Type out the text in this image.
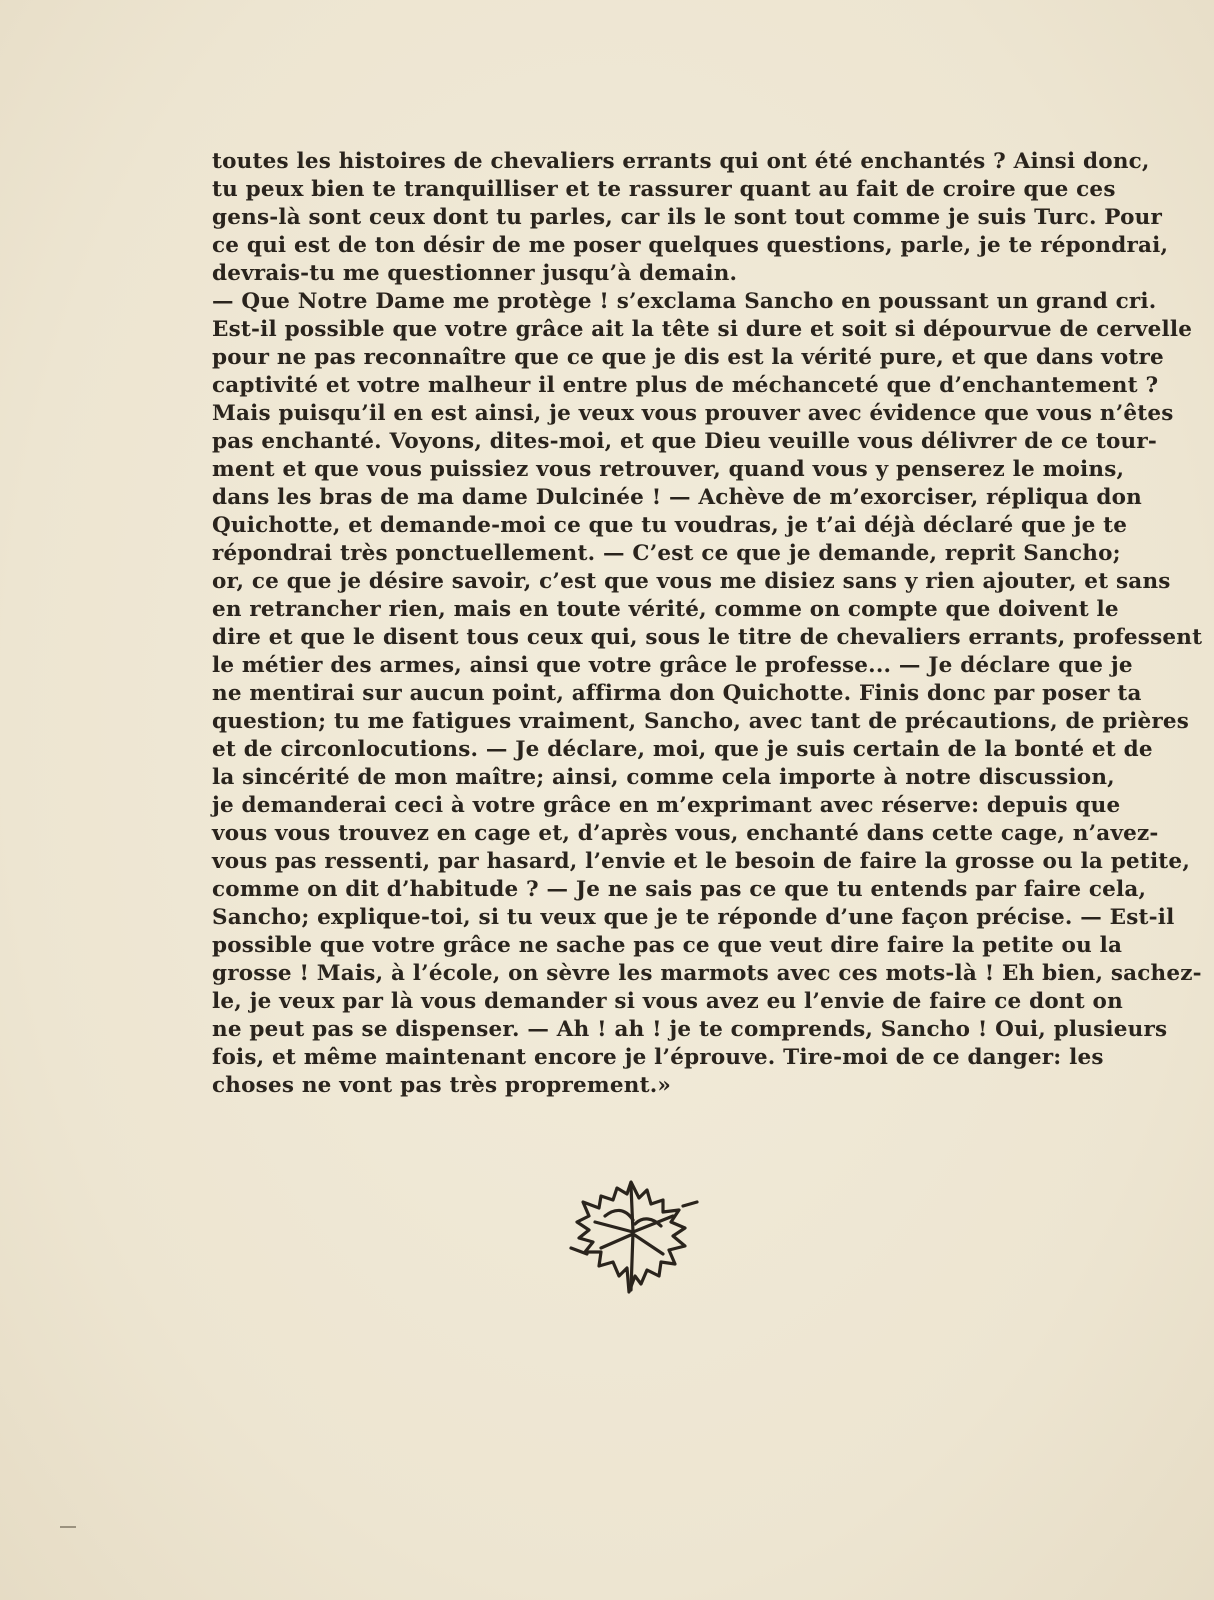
toutes les histoires de chevaliers errants qui ont été enchantés ? Ainsi donc,
tu peux bien te tranquilliser et te rassurer quant au fait de croire que ces
gens-là sont ceux dont tu parles, car ils le sont tout comme je suis Turc. Pour
ce qui est de ton désir de me poser quelques questions, parle, je te répondrai,
devrais-tu me questionner jusqu’à demain.
— Que Notre Dame me protège ! s’exclama Sancho en poussant un grand cri.
Est-il possible que votre grâce ait la tête si dure et soit si dépourvue de cervelle
pour ne pas reconnaître que ce que je dis est la vérité pure, et que dans votre
captivité et votre malheur il entre plus de méchanceté que d’enchantement ?
Mais puisqu’il en est ainsi, je veux vous prouver avec évidence que vous n’êtes
pas enchanté. Voyons, dites-moi, et que Dieu veuille vous délivrer de ce tour-
ment et que vous puissiez vous retrouver, quand vous y penserez le moins,
dans les bras de ma dame Dulcinée ! — Achève de m’exorciser, répliqua don
Quichotte, et demande-moi ce que tu voudras, je t’ai déjà déclaré que je te
répondrai très ponctuellement. — C’est ce que je demande, reprit Sancho;
or, ce que je désire savoir, c’est que vous me disiez sans y rien ajouter, et sans
en retrancher rien, mais en toute vérité, comme on compte que doivent le
dire et que le disent tous ceux qui, sous le titre de chevaliers errants, professent
le métier des armes, ainsi que votre grâce le professe... — Je déclare que je
ne mentirai sur aucun point, affirma don Quichotte. Finis donc par poser ta
question; tu me fatigues vraiment, Sancho, avec tant de précautions, de prières
et de circonlocutions. — Je déclare, moi, que je suis certain de la bonté et de
la sincérité de mon maître; ainsi, comme cela importe à notre discussion,
je demanderai ceci à votre grâce en m’exprimant avec réserve: depuis que
vous vous trouvez en cage et, d’après vous, enchanté dans cette cage, n’avez-
vous pas ressenti, par hasard, l’envie et le besoin de faire la grosse ou la petite,
comme on dit d’habitude ? — Je ne sais pas ce que tu entends par faire cela,
Sancho; explique-toi, si tu veux que je te réponde d’une façon précise. — Est-il
possible que votre grâce ne sache pas ce que veut dire faire la petite ou la
grosse ! Mais, à l’école, on sèvre les marmots avec ces mots-là ! Eh bien, sachez-
le, je veux par là vous demander si vous avez eu l’envie de faire ce dont on
ne peut pas se dispenser. — Ah ! ah ! je te comprends, Sancho ! Oui, plusieurs
fois, et même maintenant encore je l’éprouve. Tire-moi de ce danger: les
choses ne vont pas très proprement.»
